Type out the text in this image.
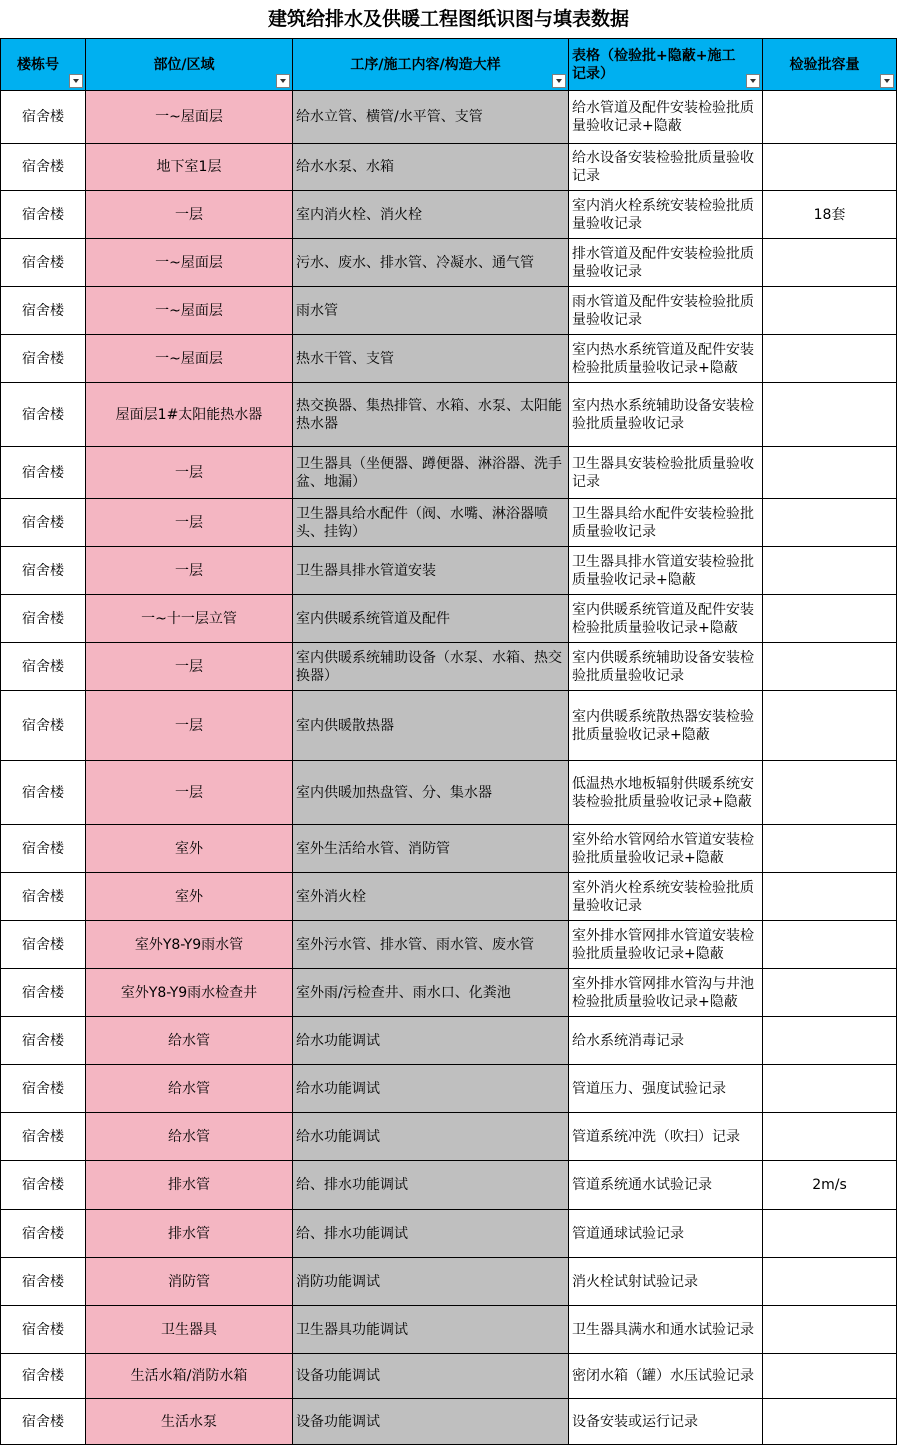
建筑给排水及供暖工程图纸识图与填表数据
楼栋号	部位/区域	工序/施工内容/构造大样	表格（检验批+隐蔽+施工记录）	检验批容量

宿舍楼	一~屋面层	给水立管、横管/水平管、支管	给水管道及配件安装检验批质量验收记录+隐蔽	
宿舍楼	地下室1层	给水水泵、水箱	给水设备安装检验批质量验收记录	
宿舍楼	一层	室内消火栓、消火栓	室内消火栓系统安装检验批质量验收记录	18套
宿舍楼	一~屋面层	污水、废水、排水管、冷凝水、通气管	排水管道及配件安装检验批质量验收记录	
宿舍楼	一~屋面层	雨水管	雨水管道及配件安装检验批质量验收记录	
宿舍楼	一~屋面层	热水干管、支管	室内热水系统管道及配件安装检验批质量验收记录+隐蔽	
宿舍楼	屋面层1#太阳能热水器	热交换器、集热排管、水箱、水泵、太阳能热水器	室内热水系统辅助设备安装检验批质量验收记录	
宿舍楼	一层	卫生器具（坐便器、蹲便器、淋浴器、洗手盆、地漏）	卫生器具安装检验批质量验收记录	
宿舍楼	一层	卫生器具给水配件（阀、水嘴、淋浴器喷头、挂钩）	卫生器具给水配件安装检验批质量验收记录	
宿舍楼	一层	卫生器具排水管道安装	卫生器具排水管道安装检验批质量验收记录+隐蔽	
宿舍楼	一~十一层立管	室内供暖系统管道及配件	室内供暖系统管道及配件安装检验批质量验收记录+隐蔽	
宿舍楼	一层	室内供暖系统辅助设备（水泵、水箱、热交换器）	室内供暖系统辅助设备安装检验批质量验收记录	
宿舍楼	一层	室内供暖散热器	室内供暖系统散热器安装检验批质量验收记录+隐蔽	
宿舍楼	一层	室内供暖加热盘管、分、集水器	低温热水地板辐射供暖系统安装检验批质量验收记录+隐蔽	
宿舍楼	室外	室外生活给水管、消防管	室外给水管网给水管道安装检验批质量验收记录+隐蔽	
宿舍楼	室外	室外消火栓	室外消火栓系统安装检验批质量验收记录	
宿舍楼	室外Y8-Y9雨水管	室外污水管、排水管、雨水管、废水管	室外排水管网排水管道安装检验批质量验收记录+隐蔽	
宿舍楼	室外Y8-Y9雨水检查井	室外雨/污检查井、雨水口、化粪池	室外排水管网排水管沟与井池检验批质量验收记录+隐蔽	
宿舍楼	给水管	给水功能调试	给水系统消毒记录	
宿舍楼	给水管	给水功能调试	管道压力、强度试验记录	
宿舍楼	给水管	给水功能调试	管道系统冲洗（吹扫）记录	
宿舍楼	排水管	给、排水功能调试	管道系统通水试验记录	2m/s
宿舍楼	排水管	给、排水功能调试	管道通球试验记录	
宿舍楼	消防管	消防功能调试	消火栓试射试验记录	
宿舍楼	卫生器具	卫生器具功能调试	卫生器具满水和通水试验记录	
宿舍楼	生活水箱/消防水箱	设备功能调试	密闭水箱（罐）水压试验记录	
宿舍楼	生活水泵	设备功能调试	设备安装或运行记录	
